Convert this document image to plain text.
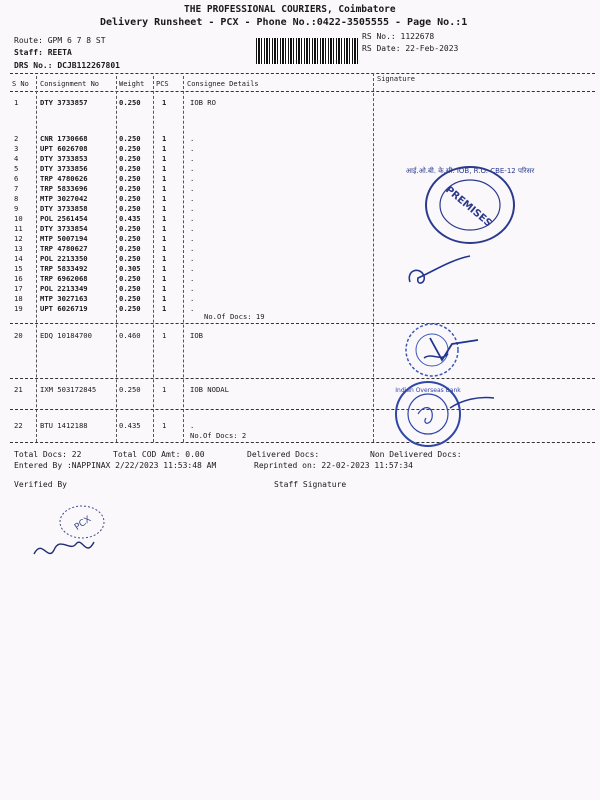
THE PROFESSIONAL COURIERS, Coimbatore
Delivery Runsheet - PCX - Phone No.:0422-3505555 - Page No.:1
Route: GPM 6 7 8 ST
Staff: REETA
DRS No.: DCJB112267801
RS No.: 1122678
RS Date: 22-Feb-2023
S No Consignment No	Weight PCS	Consignee Details
Signature
1	DTY 3733857	0.250	1	IOB RO
2	CNR 1730668	0.250	1	.
3	UPT 6026708	0.250	1	.
4	DTY 3733853	0.250	1	.
5	DTY 3733856	0.250	1	.
6	TRP 4780626	0.250	1	.
7	TRP 5833696	0.250	1	.
8	MTP 3027042	0.250	1	.
9	DTY 3733858	0.250	1	.
10 POL 2561454	0.435	1	.
11 DTY 3733854	0.250	1	.
12 MTP 5007194	0.250	1	.
13 TRP 4780627	0.250	1	.
14 POL 2213350	0.250	1	.
15 TRP 5833492	0.305	1	.
16 TRP 6962068	0.250	1	.
17 POL 2213349	0.250	1	.
18 MTP 3027163	0.250	1	.
19 UPT 6026719	0.250	1	.
No.Of Docs: 19
20 EDQ 10184700	0.460	1	IOB
21 IXM 503172845	0.250	1	IOB NODAL
22 BTU 1412188	0.435	1	.
No.Of Docs: 2
Total Docs: 22	Total COD Amt: 0.00	Delivered Docs:	Non Delivered Docs:
Entered By :NAPPINAX 2/22/2023 11:53:48 AM	Reprinted on: 22-02-2023 11:57:34
Verified By	Staff Signature
PREMISES
आई.ओ.बी. के.सी. IOB, R.O. CBE-12 परिसर
Indian Overseas Bank
PCX
